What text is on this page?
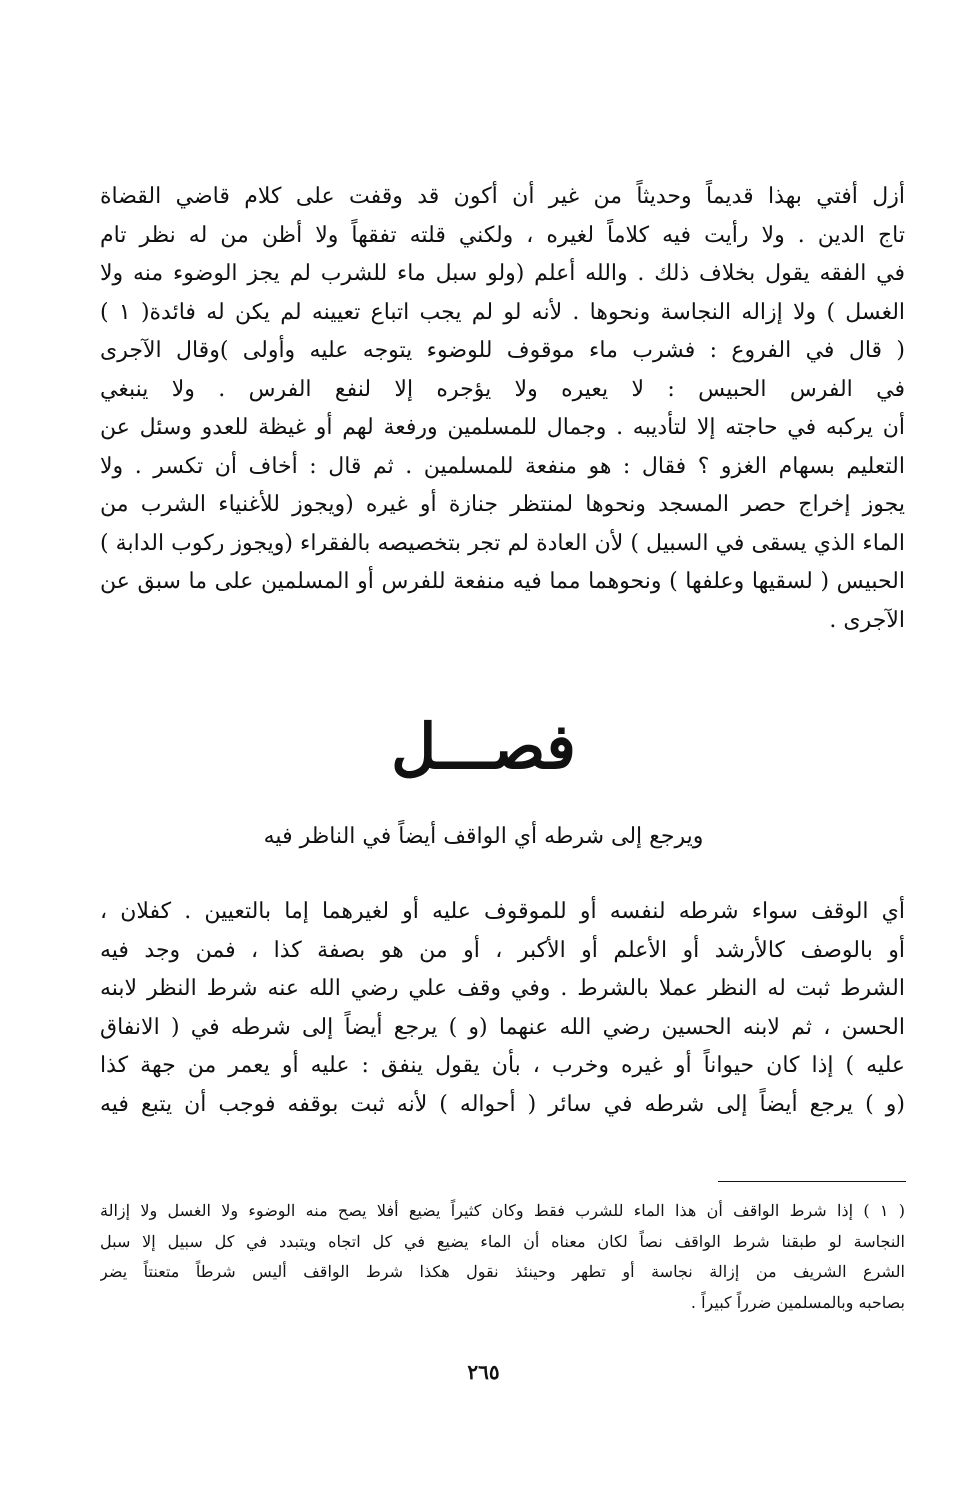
أزل أفتي بهذا قديماً وحديثاً من غير أن أكون قد وقفت على كلام قاضي القضاة
تاج الدين . ولا رأيت فيه كلاماً لغيره ، ولكني قلته تفقهاً ولا أظن من له نظر تام
في الفقه يقول بخلاف ذلك . والله أعلم (ولو سبل ماء للشرب لم يجز الوضوء منه ولا
الغسل ) ولا إزاله النجاسة ونحوها . لأنه لو لم يجب اتباع تعيينه لم يكن له فائدة( ١ )
( قال في الفروع : فشرب ماء موقوف للوضوء يتوجه عليه وأولى )وقال الآجرى
في الفرس الحبيس : لا يعيره ولا يؤجره إلا لنفع الفرس . ولا ينبغي
أن يركبه في حاجته إلا لتأديبه . وجمال للمسلمين ورفعة لهم أو غيظة للعدو وسئل عن
التعليم بسهام الغزو ؟ فقال : هو منفعة للمسلمين . ثم قال : أخاف أن تكسر . ولا
يجوز إخراج حصر المسجد ونحوها لمنتظر جنازة أو غيره (ويجوز للأغنياء الشرب من
الماء الذي يسقى في السبيل ) لأن العادة لم تجر بتخصيصه بالفقراء (ويجوز ركوب الدابة )
الحبيس ( لسقيها وعلفها ) ونحوهما مما فيه منفعة للفرس أو المسلمين على ما سبق عن
الآجرى .
فصـــل
ويرجع إلى شرطه أي الواقف أيضاً في الناظر فيه
أي الوقف سواء شرطه لنفسه أو للموقوف عليه أو لغيرهما إما بالتعيين . كفلان ،
أو بالوصف كالأرشد أو الأعلم أو الأكبر ، أو من هو بصفة كذا ، فمن وجد فيه
الشرط ثبت له النظر عملا بالشرط . وفي وقف علي رضي الله عنه شرط النظر لابنه
الحسن ، ثم لابنه الحسين رضي الله عنهما (و ) يرجع أيضاً إلى شرطه في ( الانفاق
عليه ) إذا كان حيواناً أو غيره وخرب ، بأن يقول ينفق : عليه أو يعمر من جهة كذا
(و ) يرجع أيضاً إلى شرطه في سائر ( أحواله ) لأنه ثبت بوقفه فوجب أن يتبع فيه
( ١ ) إذا شرط الواقف أن هذا الماء للشرب فقط وكان كثيراً يضيع أفلا يصح منه الوضوء ولا الغسل ولا إزالة
النجاسة لو طبقنا شرط الواقف نصاً لكان معناه أن الماء يضيع في كل اتجاه ويتبدد في كل سبيل إلا سبل
الشرع الشريف من إزالة نجاسة أو تطهر وحينئذ نقول هكذا شرط الواقف أليس شرطاً متعنتاً يضر
بصاحبه وبالمسلمين ضرراً كبيراً .
٢٦٥
